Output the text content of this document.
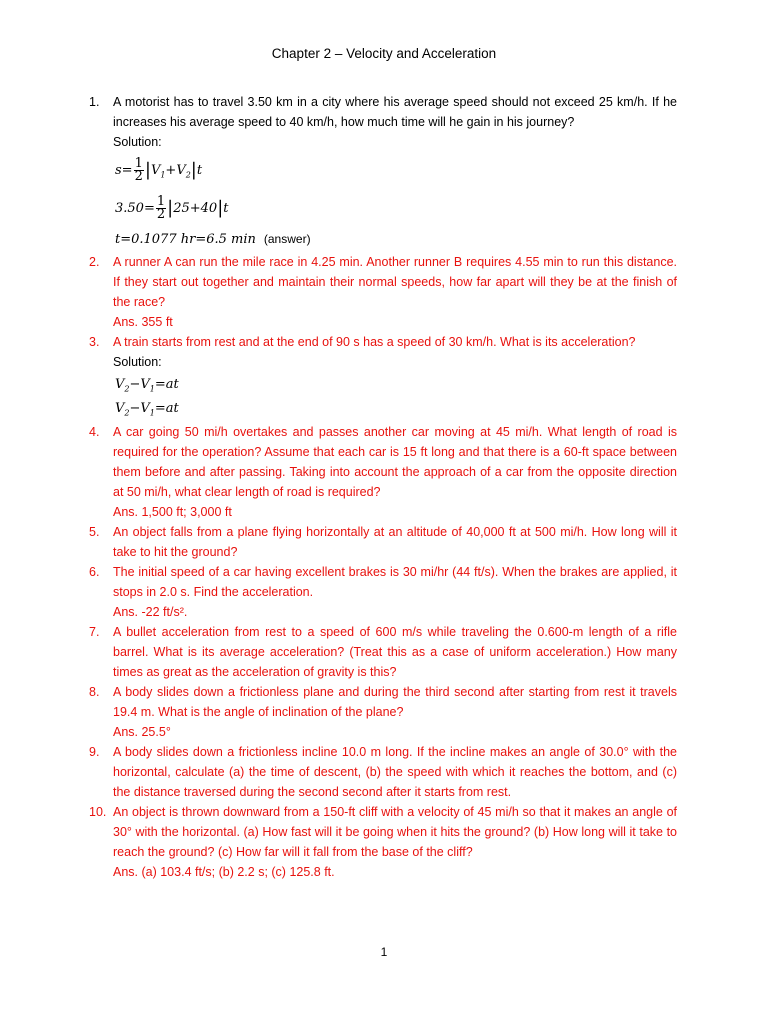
Chapter 2 – Velocity and Acceleration
1.	A motorist has to travel 3.50 km in a city where his average speed should not exceed 25 km/h. If he increases his average speed to 40 km/h, how much time will he gain in his journey?
Solution:
$s= \frac{1}{2} |V_1+V_2|t$
$3.50= \frac{1}{2} |25+40|t$
t=0.1077 hr=6.5 min (answer)
2.	A runner A can run the mile race in 4.25 min. Another runner B requires 4.55 min to run this distance. If they start out together and maintain their normal speeds, how far apart will they be at the finish of the race?
Ans. 355 ft
3.	A train starts from rest and at the end of 90 s has a speed of 30 km/h. What is its acceleration?
Solution:
$V_2-V_1=at$
$V_2-V_1=at$
4.	A car going 50 mi/h overtakes and passes another car moving at 45 mi/h. What length of road is required for the operation? Assume that each car is 15 ft long and that there is a 60-ft space between them before and after passing. Taking into account the approach of a car from the opposite direction at 50 mi/h, what clear length of road is required?
Ans. 1,500 ft; 3,000 ft
5.	An object falls from a plane flying horizontally at an altitude of 40,000 ft at 500 mi/h. How long will it take to hit the ground?
6.	The initial speed of a car having excellent brakes is 30 mi/hr (44 ft/s). When the brakes are applied, it stops in 2.0 s. Find the acceleration.
Ans. -22 ft/s².
7.	A bullet acceleration from rest to a speed of 600 m/s while traveling the 0.600-m length of a rifle barrel. What is its average acceleration? (Treat this as a case of uniform acceleration.) How many times as great as the acceleration of gravity is this?
8.	A body slides down a frictionless plane and during the third second after starting from rest it travels 19.4 m. What is the angle of inclination of the plane?
Ans. 25.5°
9.	A body slides down a frictionless incline 10.0 m long. If the incline makes an angle of 30.0° with the horizontal, calculate (a) the time of descent, (b) the speed with which it reaches the bottom, and (c) the distance traversed during the second second after it starts from rest.
10. An object is thrown downward from a 150-ft cliff with a velocity of 45 mi/h so that it makes an angle of 30° with the horizontal. (a) How fast will it be going when it hits the ground? (b) How long will it take to reach the ground? (c) How far will it fall from the base of the cliff?
Ans. (a) 103.4 ft/s; (b) 2.2 s; (c) 125.8 ft.
1
